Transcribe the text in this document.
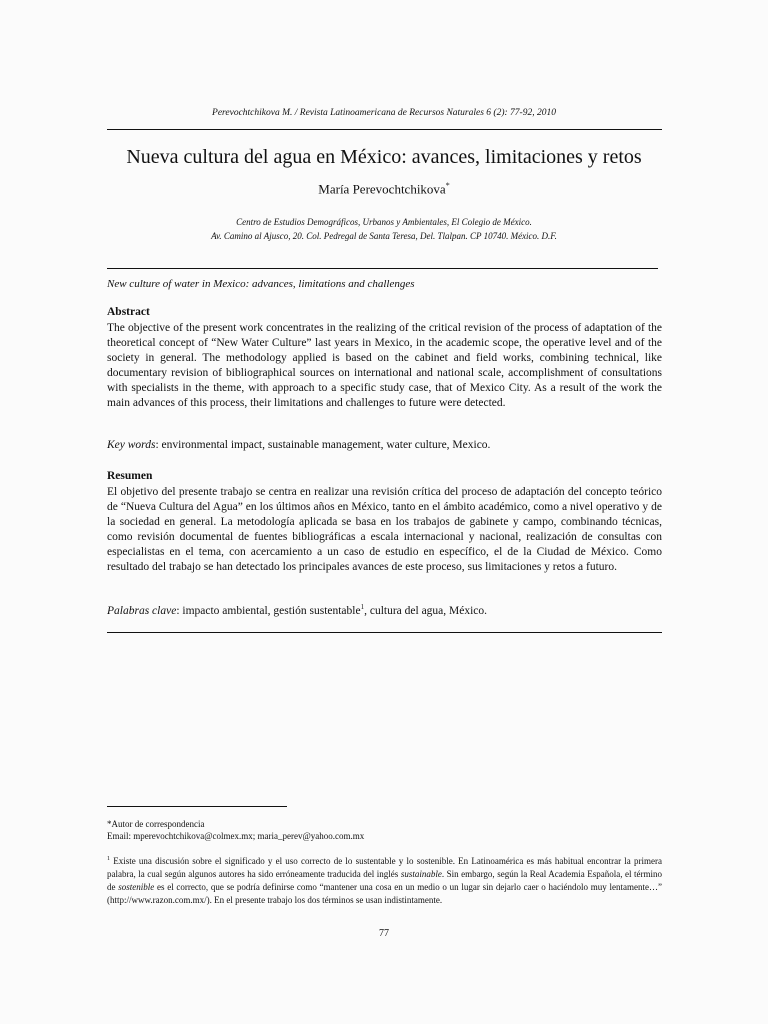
Perevochtchikova M. / Revista Latinoamericana de Recursos Naturales 6 (2): 77-92, 2010
Nueva cultura del agua en México: avances, limitaciones y retos
María Perevochtchikova*
Centro de Estudios Demográficos, Urbanos y Ambientales, El Colegio de México.
Av. Camino al Ajusco, 20. Col. Pedregal de Santa Teresa, Del. Tlalpan. CP 10740. México. D.F.
New culture of water in Mexico: advances, limitations and challenges
Abstract
The objective of the present work concentrates in the realizing of the critical revision of the process of adaptation of the theoretical concept of “New Water Culture” last years in Mexico, in the academic scope, the operative level and of the society in general. The methodology applied is based on the cabinet and field works, combining technical, like documentary revision of bibliographical sources on international and national scale, accomplishment of consultations with specialists in the theme, with approach to a specific study case, that of Mexico City. As a result of the work the main advances of this process, their limitations and challenges to future were detected.
Key words: environmental impact, sustainable management, water culture, Mexico.
Resumen
El objetivo del presente trabajo se centra en realizar una revisión crítica del proceso de adaptación del concepto teórico de “Nueva Cultura del Agua” en los últimos años en México, tanto en el ámbito académico, como a nivel operativo y de la sociedad en general. La metodología aplicada se basa en los trabajos de gabinete y campo, combinando técnicas, como revisión documental de fuentes bibliográficas a escala internacional y nacional, realización de consultas con especialistas en el tema, con acercamiento a un caso de estudio en específico, el de la Ciudad de México. Como resultado del trabajo se han detectado los principales avances de este proceso, sus limitaciones y retos a futuro.
Palabras clave: impacto ambiental, gestión sustentable$^1$, cultura del agua, México.
*Autor de correspondencia
Email: mperevochtchikova@colmex.mx; maria_perev@yahoo.com.mx
$^1$ Existe una discusión sobre el significado y el uso correcto de lo sustentable y lo sostenible. En Latinoamérica es más habitual encontrar la primera palabra, la cual según algunos autores ha sido erróneamente traducida del inglés sustainable. Sin embargo, según la Real Academia Española, el término de sostenible es el correcto, que se podría definirse como “mantener una cosa en un medio o un lugar sin dejarlo caer o haciéndolo muy lentamente…” (http://www.razon.com.mx/). En el presente trabajo los dos términos se usan indistintamente.
77
